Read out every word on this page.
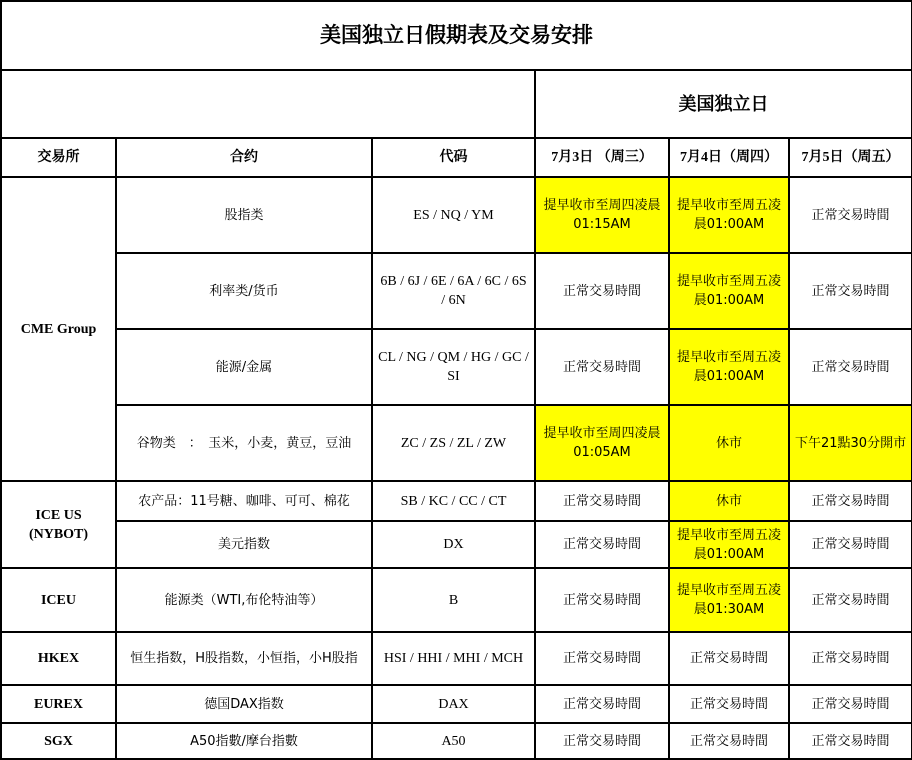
美国独立日假期表及交易安排					
			美国独立日		
交易所	合约	代码	7月3日 （周三）	7月4日（周四）	7月5日（周五）
CME Group	股指类	ES / NQ / YM	提早收市至周四凌晨01:15AM	提早收市至周五凌晨01:00AM	正常交易時間
	利率类/货币	6B / 6J / 6E / 6A / 6C / 6S / 6N	正常交易時間	提早收市至周五凌晨01:00AM	正常交易時間
	能源/金属	CL / NG / QM / HG / GC / SI	正常交易時間	提早收市至周五凌晨01:00AM	正常交易時間
	谷物类　：　玉米，小麦，黄豆，豆油	ZC / ZS / ZL / ZW	提早收市至周四凌晨01:05AM	休市	下午21點30分開市
ICE US (NYBOT)	农产品：11号糖、咖啡、可可、棉花	SB / KC / CC / CT	正常交易時間	休市	正常交易時間
	美元指数	DX	正常交易時間	提早收市至周五凌晨01:00AM	正常交易時間
ICEU	能源类（WTI,布伦特油等）	B	正常交易時間	提早收市至周五凌晨01:30AM	正常交易時間
HKEX	恒生指数，H股指数，小恒指，小H股指	HSI / HHI / MHI / MCH	正常交易時間	正常交易時間	正常交易時間
EUREX	德国DAX指数	DAX	正常交易時間	正常交易時間	正常交易時間
SGX	A50指數/摩台指數	A50	正常交易時間	正常交易時間	正常交易時間
